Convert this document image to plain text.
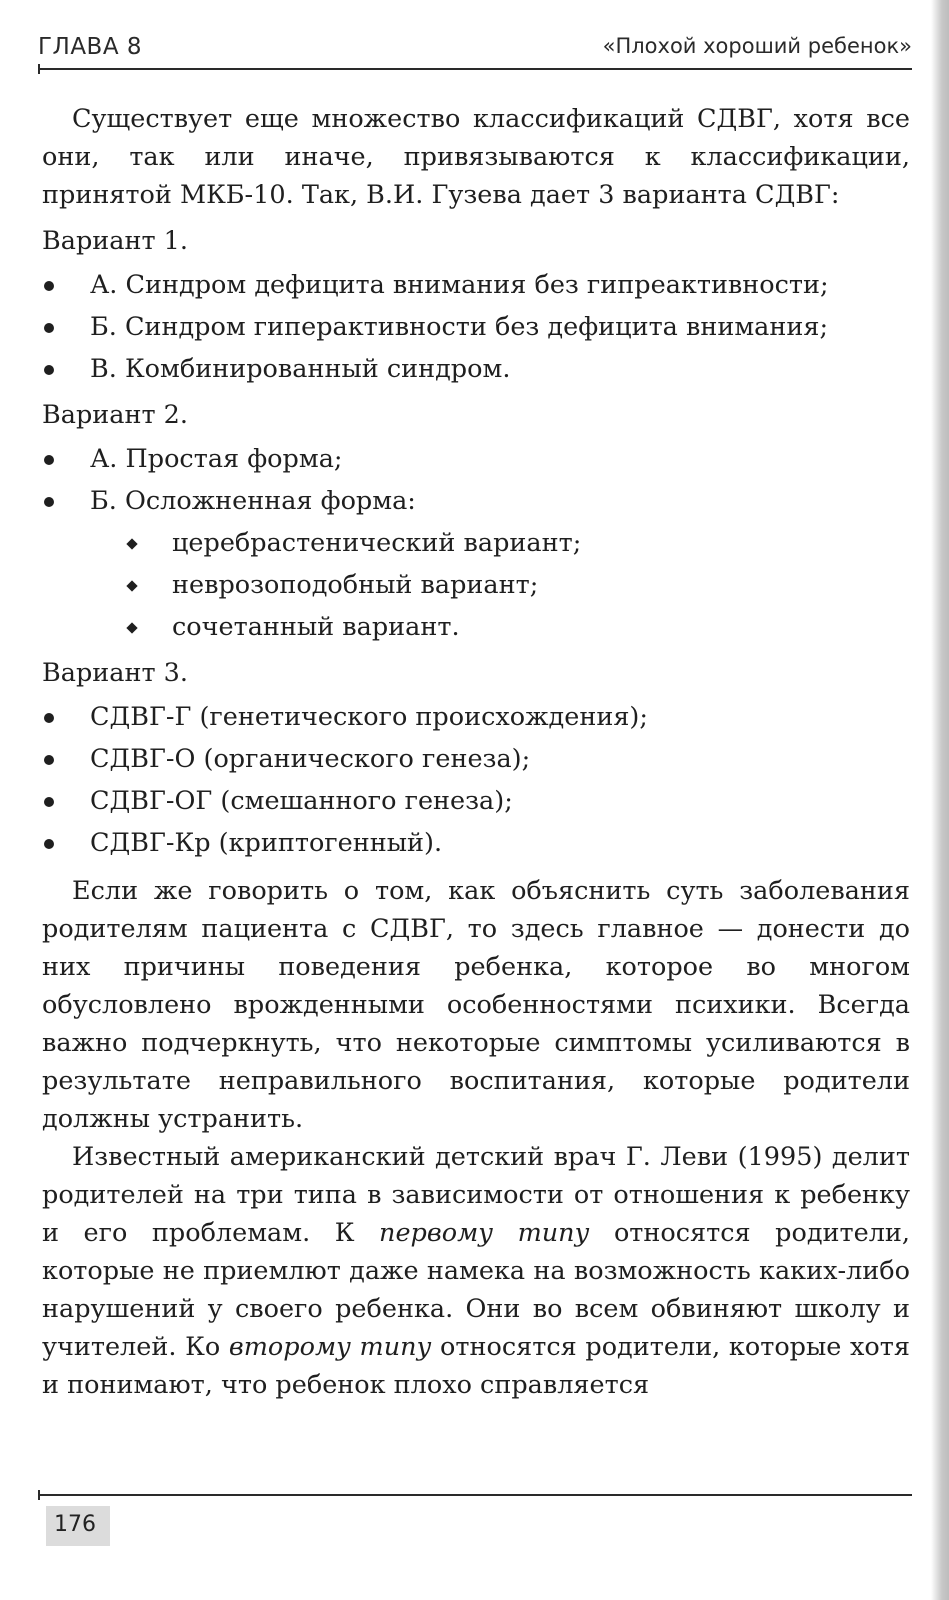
ГЛАВА 8	«Плохой хороший ребенок»

Существует еще множество классификаций СДВГ, хотя все они, так или иначе, привязываются к классификации, принятой МКБ-10. Так, В.И. Гузева дает 3 варианта СДВГ:

Вариант 1.

А. Синдром дефицита внимания без гипреактивности;
Б. Синдром гиперактивности без дефицита внимания;
В. Комбинированный синдром.

Вариант 2.

А. Простая форма;
Б. Осложненная форма:
церебрастенический вариант;
неврозоподобный вариант;
сочетанный вариант.

Вариант 3.

СДВГ-Г (генетического происхождения);
СДВГ-О (органического генеза);
СДВГ-ОГ (смешанного генеза);
СДВГ-Кр (криптогенный).

Если же говорить о том, как объяснить суть заболевания родителям пациента с СДВГ, то здесь главное — донести до них причины поведения ребенка, которое во многом обусловлено врожденными особенностями психики. Всегда важно подчеркнуть, что некоторые симптомы усиливаются в результате неправильного воспитания, которые родители должны устранить.

Известный американский детский врач Г. Леви (1995) делит родителей на три типа в зависимости от отношения к ребенку и его проблемам. К первому типу относятся родители, которые не приемлют даже намека на возможность каких-либо нарушений у своего ребенка. Они во всем обвиняют школу и учителей. Ко второму типу относятся родители, которые хотя и понимают, что ребенок плохо справляется

176
